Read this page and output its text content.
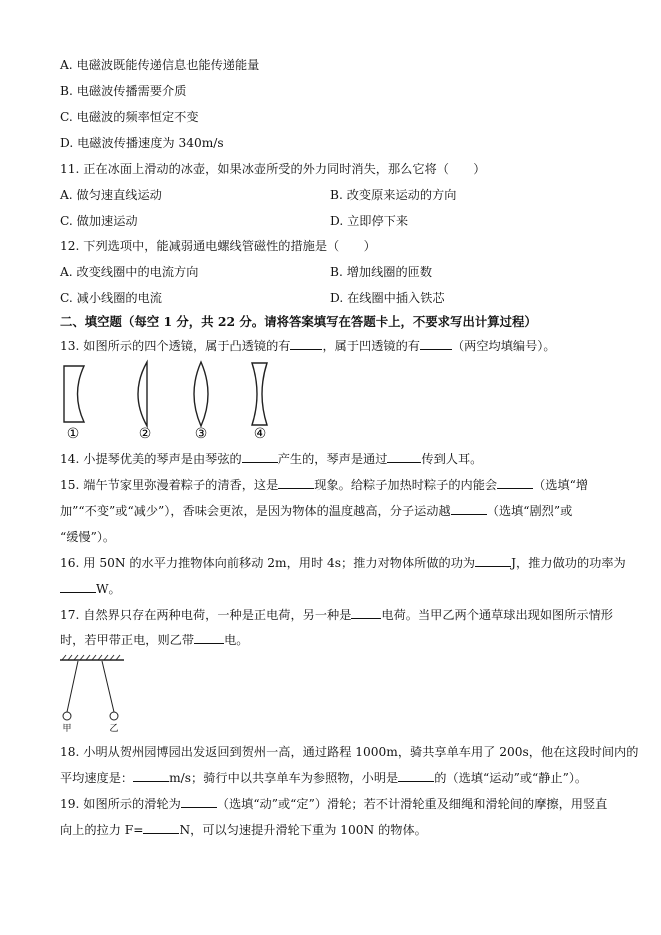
A. 电磁波既能传递信息也能传递能量
B. 电磁波传播需要介质
C. 电磁波的频率恒定不变
D. 电磁波传播速度为 340m/s
11. 正在冰面上滑动的冰壶，如果冰壶所受的外力同时消失，那么它将（　　）
A. 做匀速直线运动	B. 改变原来运动的方向
C. 做加速运动	D. 立即停下来
12. 下列选项中，能减弱通电螺线管磁性的措施是（　　）
A. 改变线圈中的电流方向	B. 增加线圈的匝数
C. 减小线圈的电流	D. 在线圈中插入铁芯
二、填空题（每空 1 分，共 22 分。请将答案填写在答题卡上，不要求写出计算过程）
13. 如图所示的四个透镜，属于凸透镜的有	，属于凹透镜的有	（两空均填编号）。
①	②	③	④
14. 小提琴优美的琴声是由琴弦的	产生的，琴声是通过	传到人耳。
15. 端午节家里弥漫着粽子的清香，这是	现象。给粽子加热时粽子的内能会	（选填“增
加”“不变”或“减少”），香味会更浓，是因为物体的温度越高，分子运动越	（选填“剧烈”或
“缓慢”）。
16. 用 50N 的水平力推物体向前移动 2m，用时 4s；推力对物体所做的功为	J，推力做功的功率为
W。
17. 自然界只存在两种电荷，一种是正电荷，另一种是 电荷。当甲乙两个通草球出现如图所示情形
时，若甲带正电，则乙带 电。
甲	乙
18. 小明从贺州园博园出发返回到贺州一高，通过路程 1000m，骑共享单车用了 200s，他在这段时间内的
平均速度是：	m/s；骑行中以共享单车为参照物，小明是	的（选填“运动”或“静止”）。
19. 如图所示的滑轮为	（选填“动”或“定”）滑轮；若不计滑轮重及细绳和滑轮间的摩擦，用竖直
向上的拉力 F=	N，可以匀速提升滑轮下重为 100N 的物体。
